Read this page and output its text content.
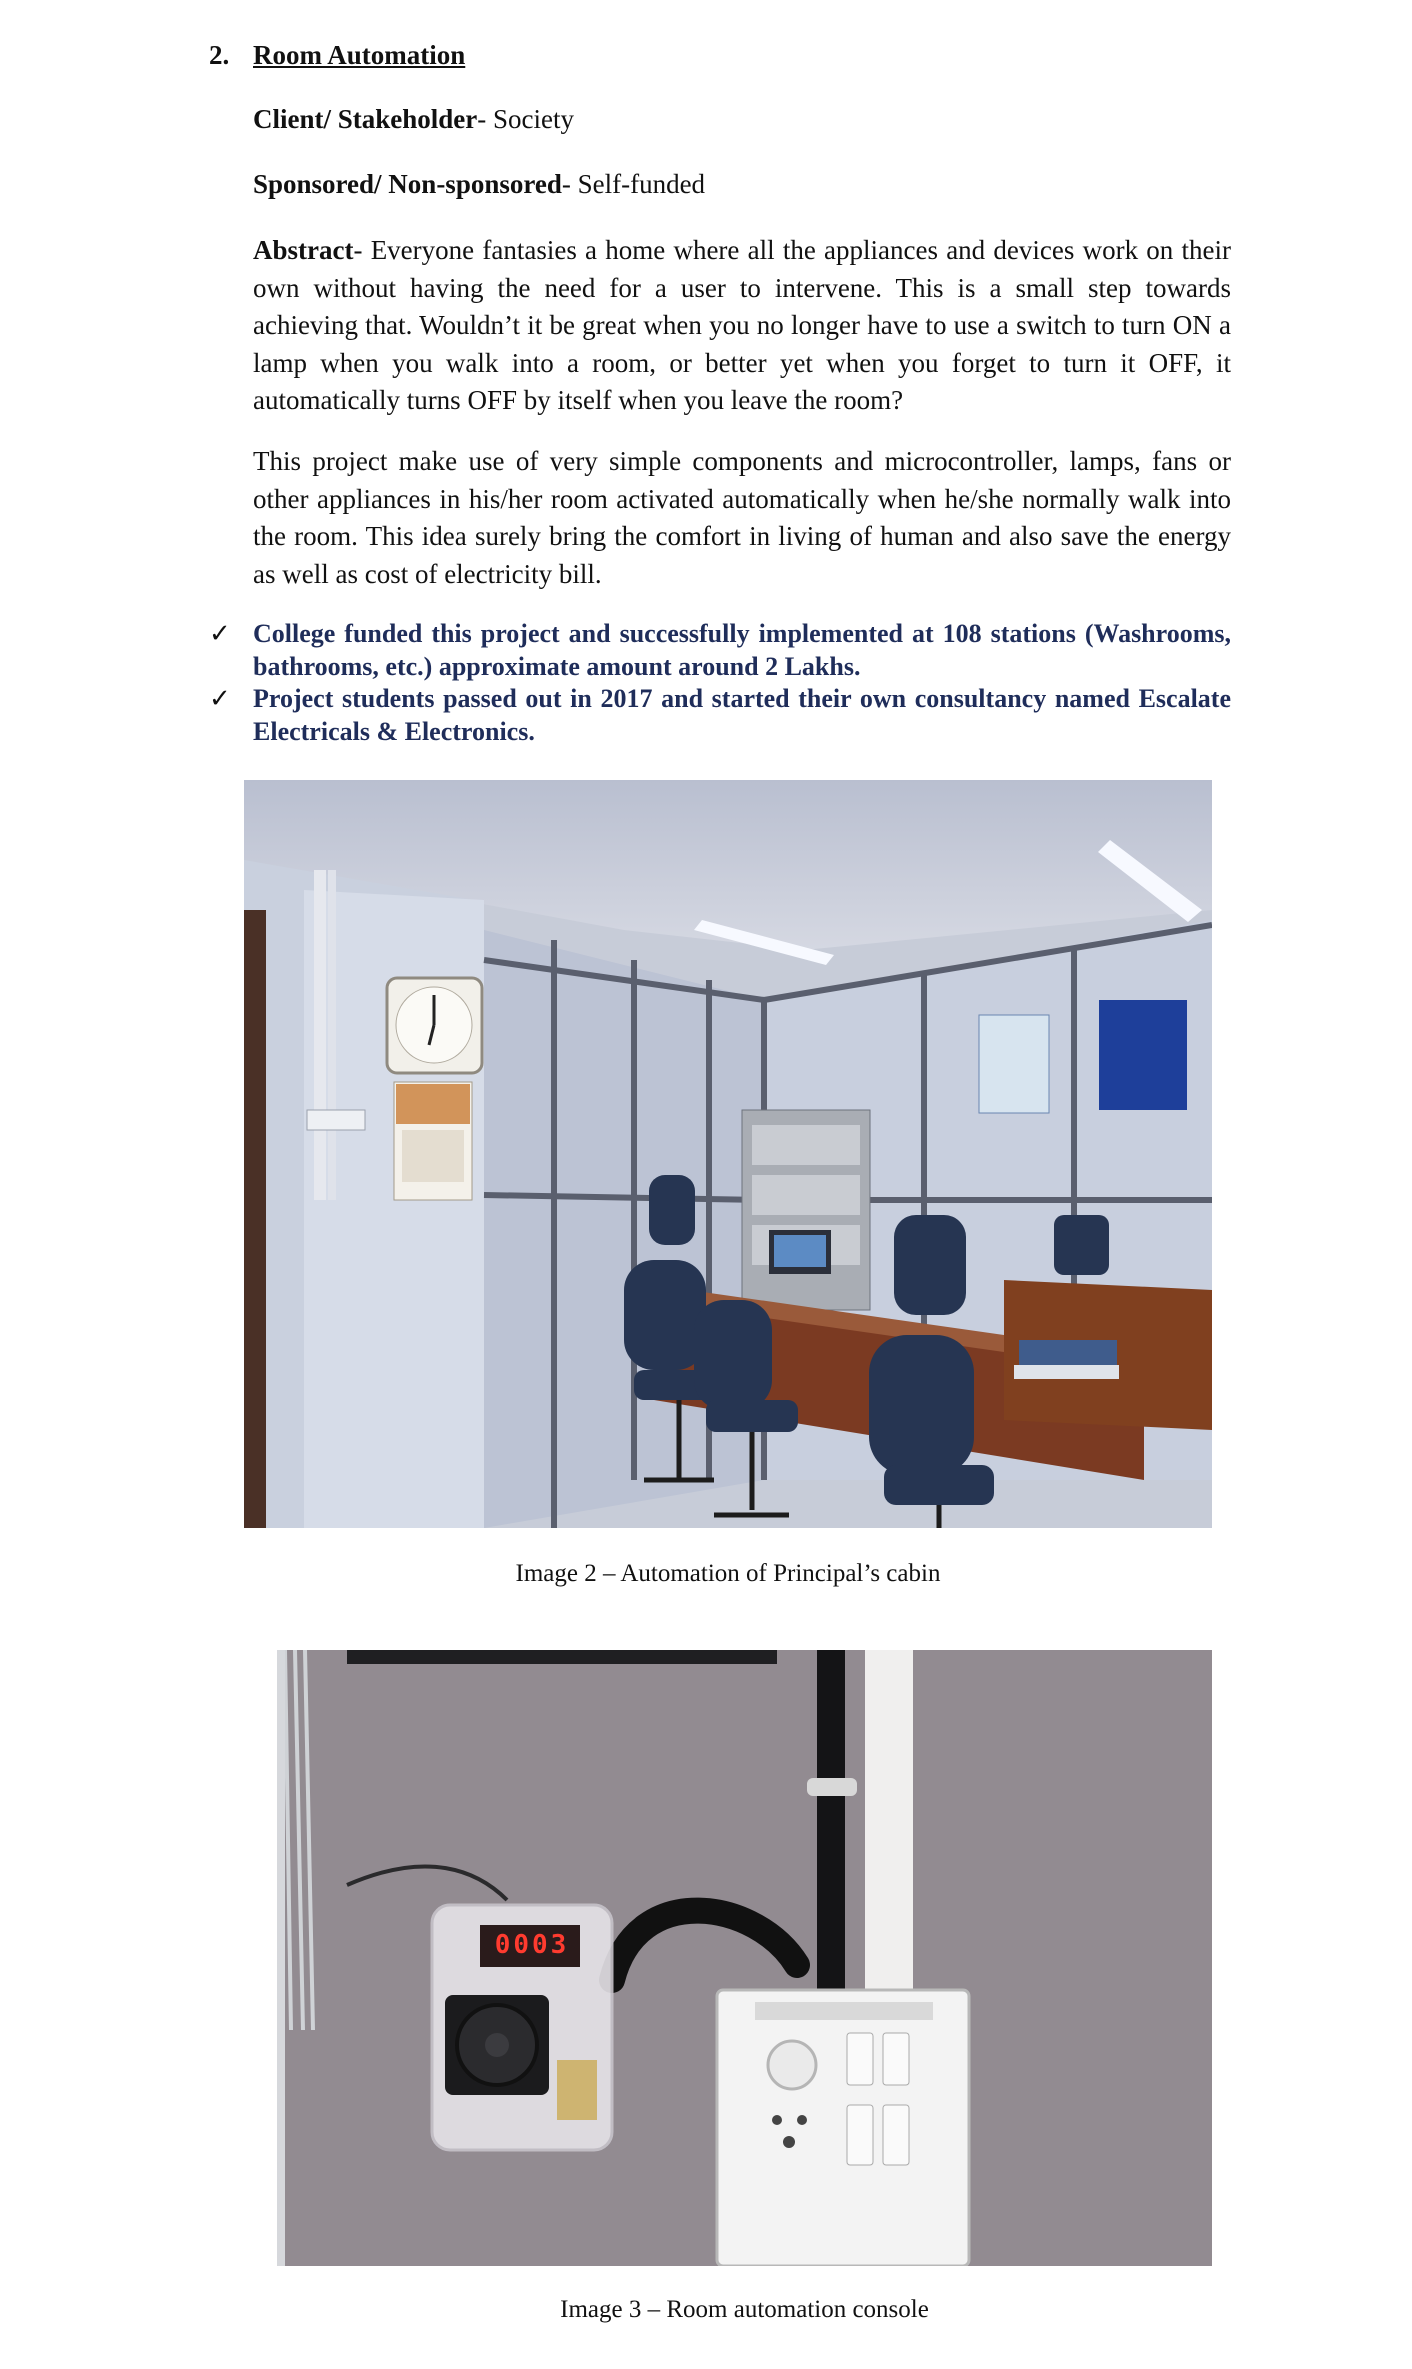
2. Room Automation
Client/ Stakeholder- Society
Sponsored/ Non-sponsored- Self-funded
Abstract- Everyone fantasies a home where all the appliances and devices work on their own without having the need for a user to intervene. This is a small step towards achieving that. Wouldn’t it be great when you no longer have to use a switch to turn ON a lamp when you walk into a room, or better yet when you forget to turn it OFF, it automatically turns OFF by itself when you leave the room?
This project make use of very simple components and microcontroller, lamps, fans or other appliances in his/her room activated automatically when he/she normally walk into the room. This idea surely bring the comfort in living of human and also save the energy as well as cost of electricity bill.
✓ College funded this project and successfully implemented at 108 stations (Washrooms, bathrooms, etc.) approximate amount around 2 Lakhs.
✓ Project students passed out in 2017 and started their own consultancy named Escalate Electricals & Electronics.
Image 2 – Automation of Principal’s cabin
0003
Image 3 – Room automation console
